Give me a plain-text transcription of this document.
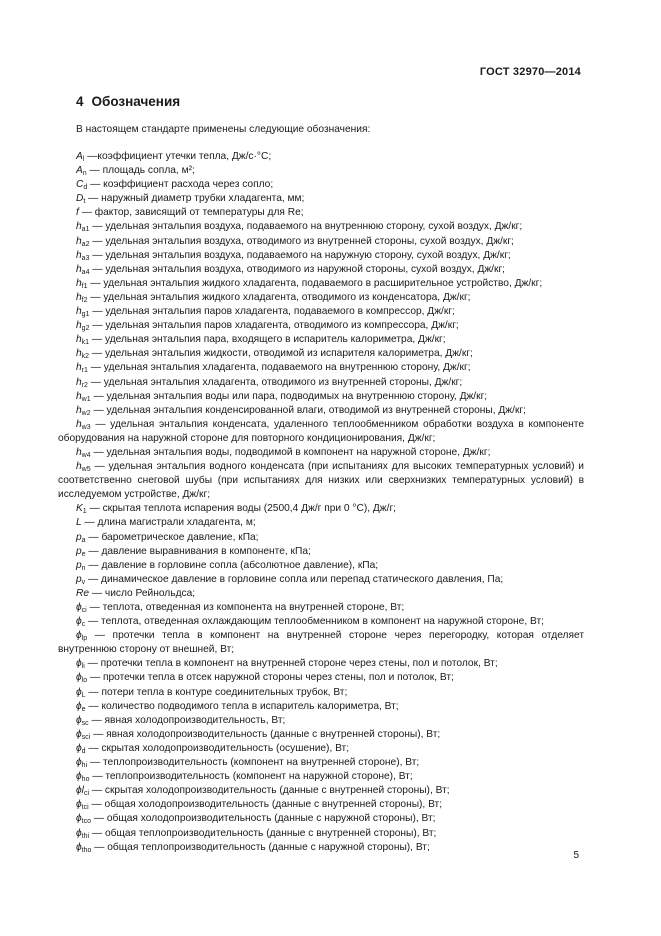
ГОСТ 32970—2014
4 Обозначения
В настоящем стандарте применены следующие обозначения:
$A_l$ —коэффициент утечки тепла, Дж/с·°С;
$A_n$ — площадь сопла, м²;
$C_d$ — коэффициент расхода через сопло;
$D_t$ — наружный диаметр трубки хладагента, мм;
f — фактор, зависящий от температуры для Re;
$h_{a1}$ — удельная энтальпия воздуха, подаваемого на внутреннюю сторону, сухой воздух, Дж/кг;
$h_{a2}$ — удельная энтальпия воздуха, отводимого из внутренней стороны, сухой воздух, Дж/кг;
$h_{a3}$ — удельная энтальпия воздуха, подаваемого на наружную сторону, сухой воздух, Дж/кг;
$h_{a4}$ — удельная энтальпия воздуха, отводимого из наружной стороны, сухой воздух, Дж/кг;
$h_{f1}$ — удельная энтальпия жидкого хладагента, подаваемого в расширительное устройство, Дж/кг;
$h_{f2}$ — удельная энтальпия жидкого хладагента, отводимого из конденсатора, Дж/кг;
$h_{g1}$ — удельная энтальпия паров хладагента, подаваемого в компрессор, Дж/кг;
$h_{g2}$ — удельная энтальпия паров хладагента, отводимого из компрессора, Дж/кг;
$h_{k1}$ — удельная энтальпия пара, входящего в испаритель калориметра, Дж/кг;
$h_{k2}$ — удельная энтальпия жидкости, отводимой из испарителя калориметра, Дж/кг;
$h_{r1}$ — удельная энтальпия хладагента, подаваемого на внутреннюю сторону, Дж/кг;
$h_{r2}$ — удельная энтальпия хладагента, отводимого из внутренней стороны, Дж/кг;
$h_{w1}$ — удельная энтальпия воды или пара, подводимых на внутреннюю сторону, Дж/кг;
$h_{w2}$ — удельная энтальпия конденсированной влаги, отводимой из внутренней стороны, Дж/кг;
$h_{w3}$ — удельная энтальпия конденсата, удаленного теплообменником обработки воздуха в компоненте оборудования на наружной стороне для повторного кондиционирования, Дж/кг;
$h_{w4}$ — удельная энтальпия воды, подводимой в компонент на наружной стороне, Дж/кг;
$h_{w5}$ — удельная энтальпия водного конденсата (при испытаниях для высоких температурных условий) и соответственно снеговой шубы (при испытаниях для низких или сверхнизких температурных условий) в исследуемом устройстве, Дж/кг;
$K_1$ — скрытая теплота испарения воды (2500,4 Дж/г при 0 °С), Дж/г;
L — длина магистрали хладагента, м;
$p_a$ — барометрическое давление, кПа;
$p_e$ — давление выравнивания в компоненте, кПа;
$p_n$ — давление в горловине сопла (абсолютное давление), кПа;
$p_v$ — динамическое давление в горловине сопла или перепад статического давления, Па;
Re — число Рейнольдса;
$\phi_{ci}$ — теплота, отведенная из компонента на внутренней стороне, Вт;
$\phi_c$ — теплота, отведенная охлаждающим теплообменником в компонент на наружной стороне, Вт;
$\phi_{lp}$ — протечки тепла в компонент на внутренней стороне через перегородку, которая отделяет внутреннюю сторону от внешней, Вт;
$\phi_{li}$ — протечки тепла в компонент на внутренней стороне через стены, пол и потолок, Вт;
$\phi_{lo}$ — протечки тепла в отсек наружной стороны через стены, пол и потолок, Вт;
$\phi_L$ — потери тепла в контуре соединительных трубок, Вт;
$\phi_e$ — количество подводимого тепла в испаритель калориметра, Вт;
$\phi_{sc}$ — явная холодопроизводительность, Вт;
$\phi_{sci}$ — явная холодопроизводительность (данные с внутренней стороны), Вт;
$\phi_d$ — скрытая холодопроизводительность (осушение), Вт;
$\phi_{hi}$ — теплопроизводительность (компонент на внутренней стороне), Вт;
$\phi_{ho}$ — теплопроизводительность (компонент на наружной стороне), Вт;
$\phi l_{ci}$ — скрытая холодопроизводительность (данные с внутренней стороны), Вт;
$\phi_{tci}$ — общая холодопроизводительность (данные с внутренней стороны), Вт;
$\phi_{tco}$ — общая холодопроизводительность (данные с наружной стороны), Вт;
$\phi_{thi}$ — общая теплопроизводительность (данные с внутренней стороны), Вт;
$\phi_{tho}$ — общая теплопроизводительность (данные с наружной стороны), Вт;
5
